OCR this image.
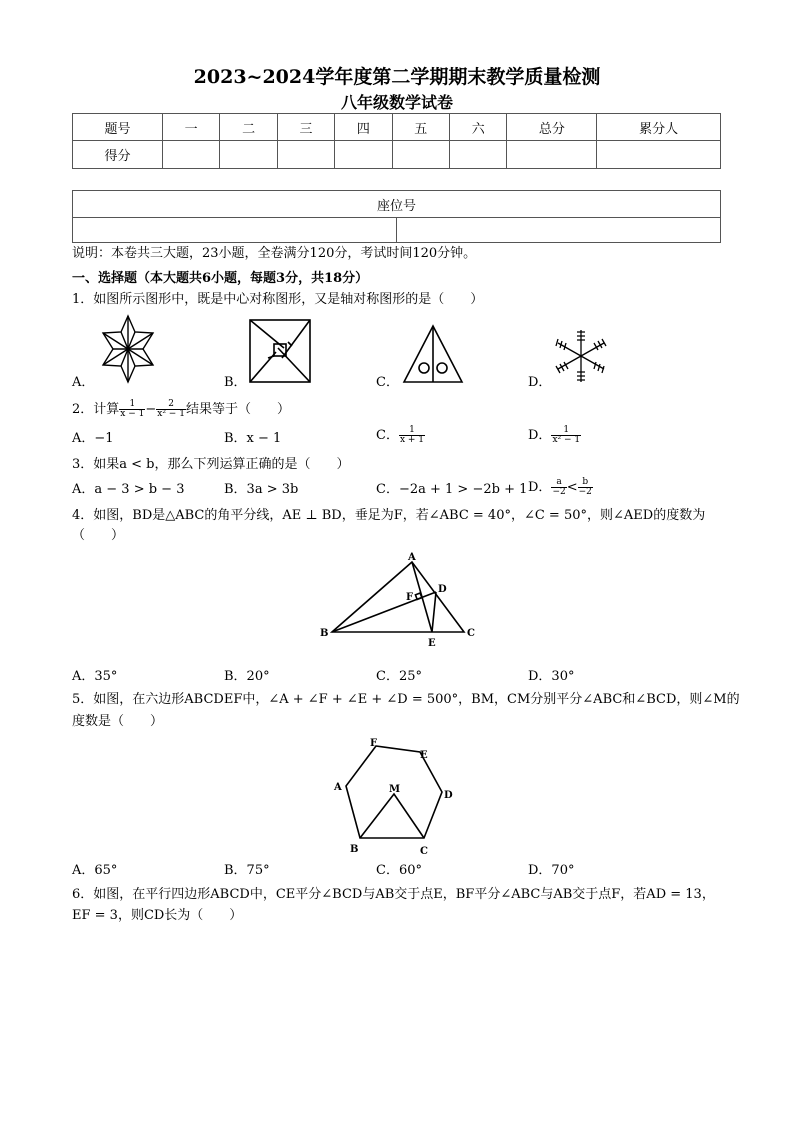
2023~2024学年度第二学期期末教学质量检测
八年级数学试卷
题号	一	二	三	四	五	六	总分	累分人
得分								
座位号

说明：本卷共三大题，23小题，全卷满分120分，考试时间120分钟。
一、选择题（本大题共6小题，每题3分，共18分）
1．如图所示图形中，既是中心对称图形，又是轴对称图形的是（　　）
A．	B．	C．	D．
2．计算 $\frac{1}{x - 1} - \frac{2}{\text{x² − 1}}$ 结果等于（　　）
A．−1	B．x − 1	C． $\frac{1}{x + 1}$	D． $\frac{1}{\text{x² − 1}}$
3．如果a < b，那么下列运算正确的是（　　）
A．a − 3 > b − 3	B．3a > 3b	C．−2a + 1 > −2b + 1 D． $\frac{a}{-2} < \frac{b}{-2}$
4．如图，BD是△ABC的角平分线，AE ⊥ BD，垂足为F，若∠ABC = 40°，∠C = 50°，则∠AED的度数为
（　　）
A
B	C
D
E
F
A．35°	B．20°	C．25°	D．30°
5．如图，在六边形ABCDEF中，∠A + ∠F + ∠E + ∠D = 500°，BM，CM分别平分∠ABC和∠BCD，则∠M的
度数是（　　）
F
E
D
C
B
A	M
A．65°	B．75°	C．60°	D．70°
6．如图，在平行四边形ABCD中，CE平分∠BCD与AB交于点E，BF平分∠ABC与AB交于点F，若AD = 13，
EF = 3，则CD长为（　　）
